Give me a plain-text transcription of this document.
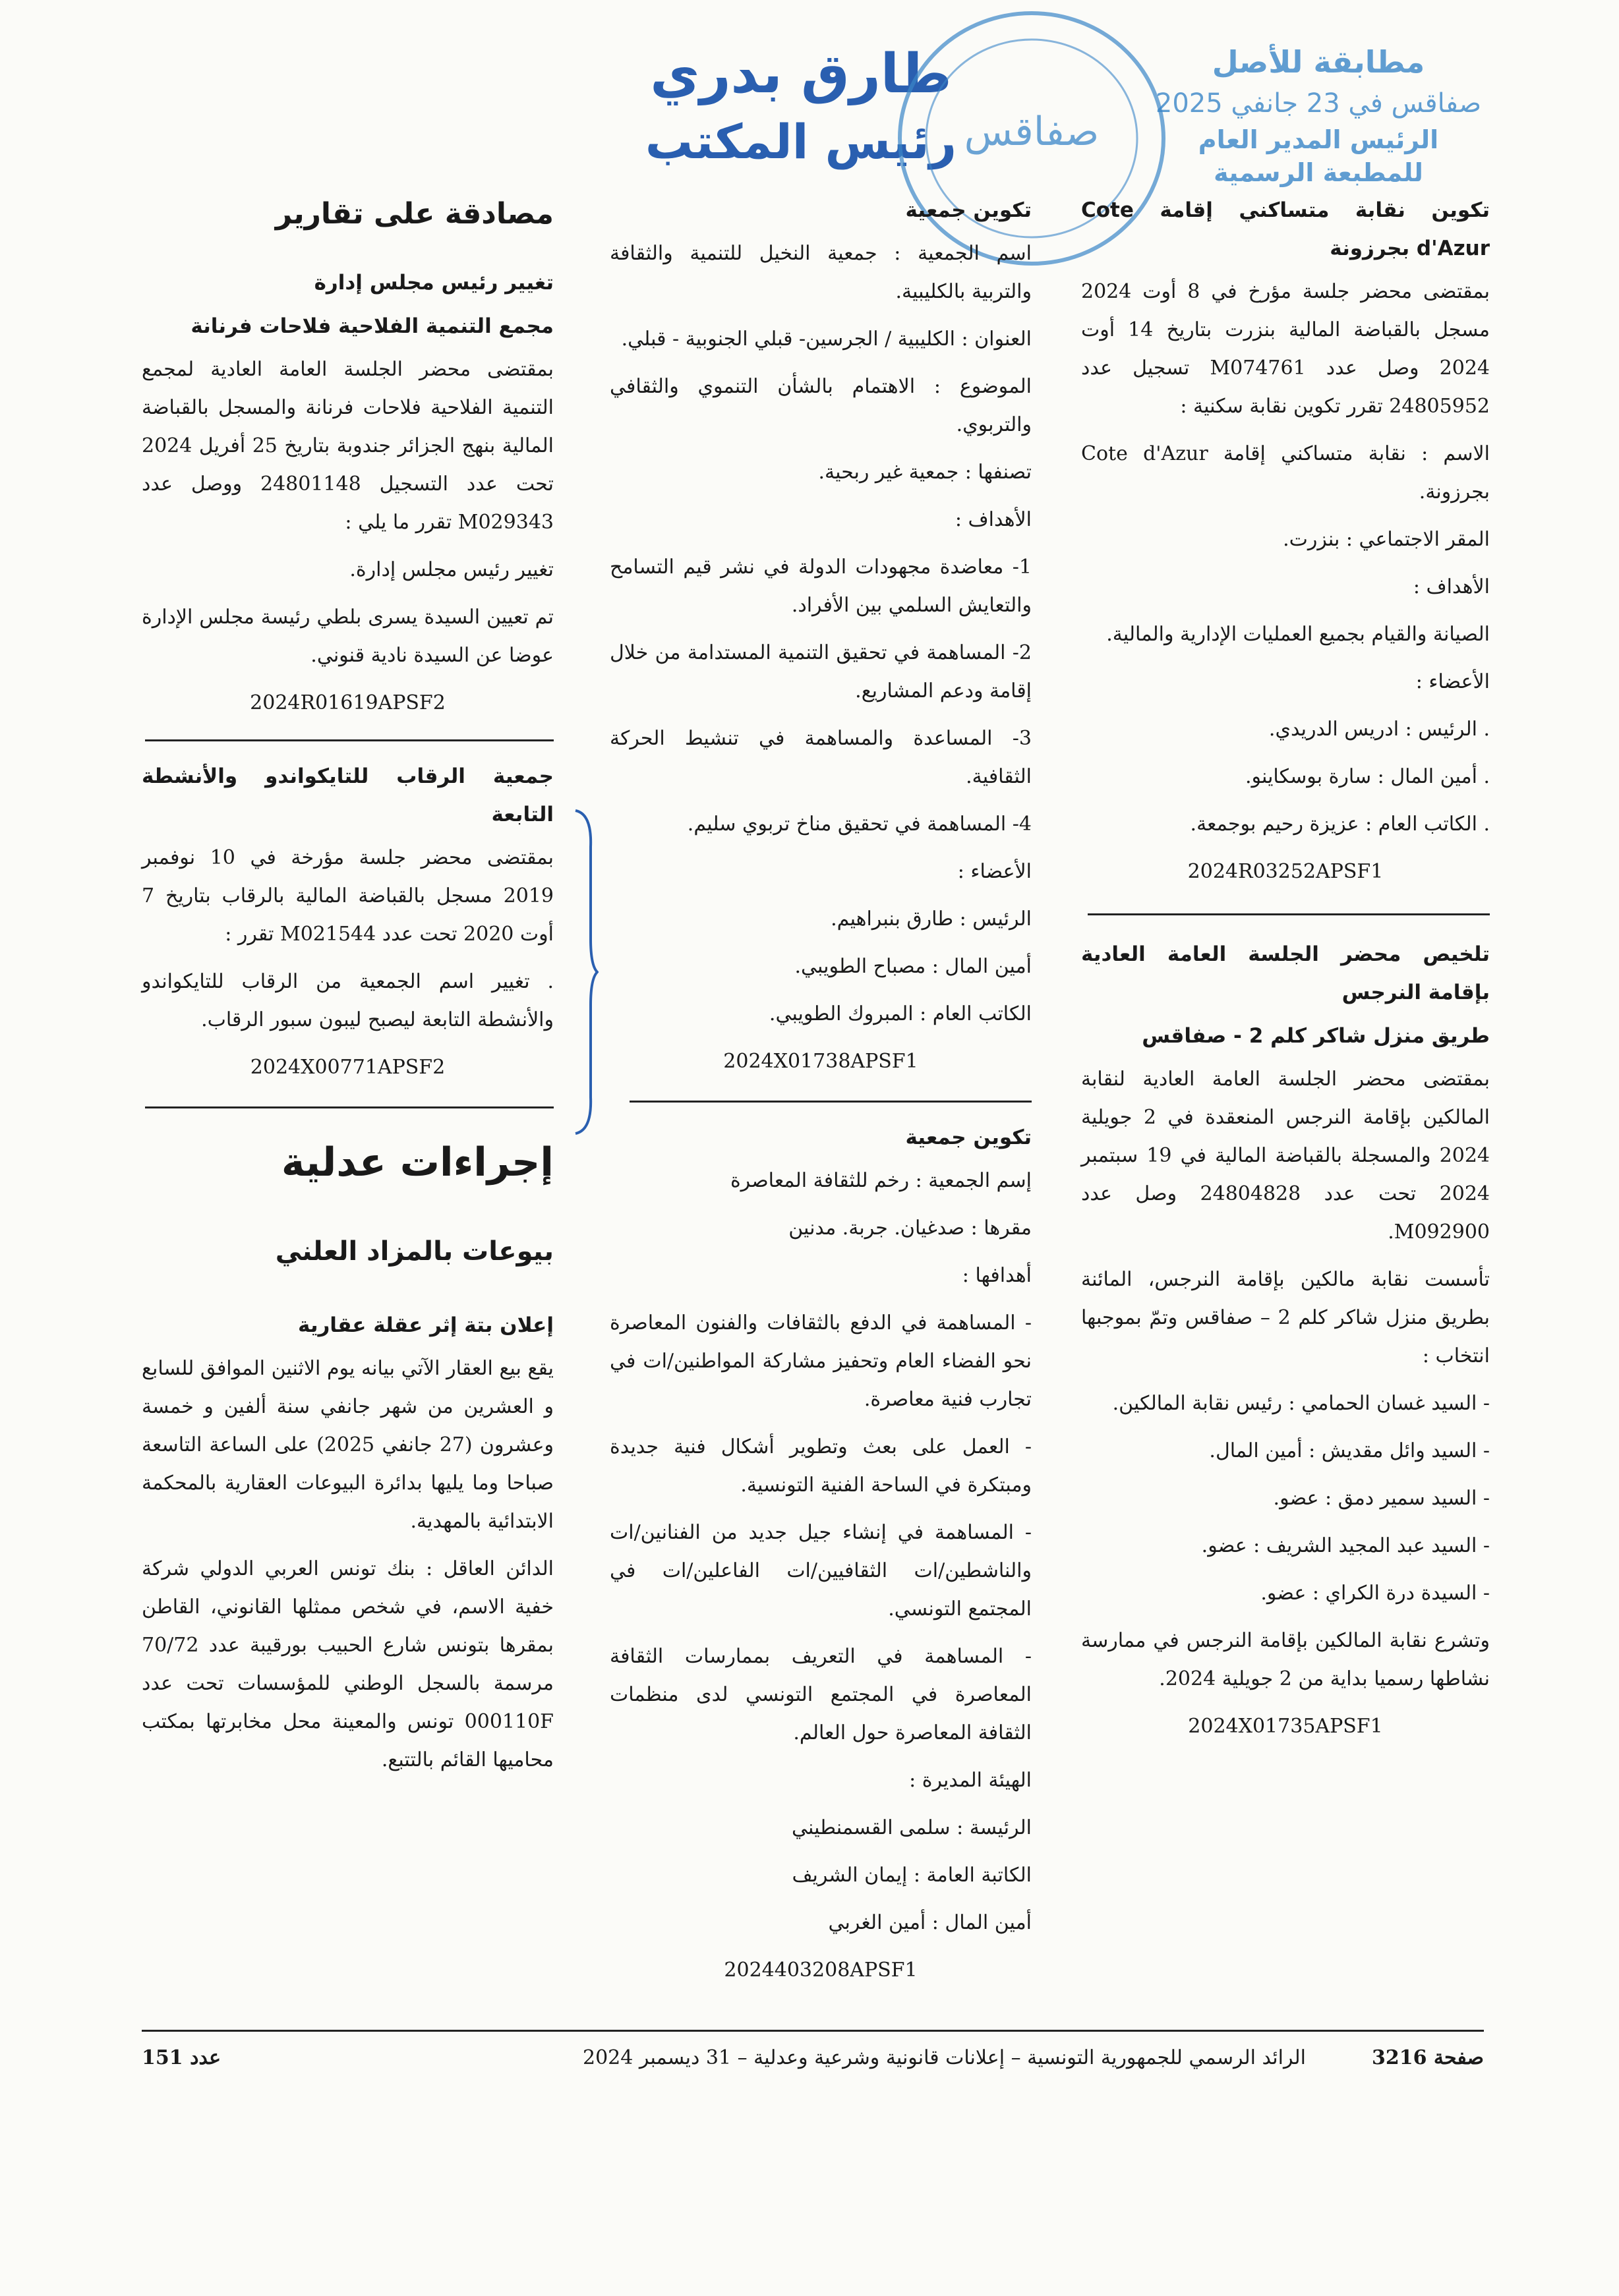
طارق بدري
رئيس المكتب صفاقس
مطابقة للأصل
صفاقس في 23 جانفي 2025
الرئيس المدير العام
للمطبعة الرسمية

تكوين نقابة متساكني إقامة Cote d'Azur بجرزونة

بمقتضى محضر جلسة مؤرخ في 8 أوت 2024 مسجل بالقباضة المالية بنزرت بتاريخ 14 أوت 2024 وصل عدد M074761 تسجيل عدد 24805952 تقرر تكوين نقابة سكنية :

الاسم : نقابة متساكني إقامة Cote d'Azur بجرزونة.

المقر الاجتماعي : بنزرت.

الأهداف :

الصيانة والقيام بجميع العمليات الإدارية والمالية.

الأعضاء :

. الرئيس : ادريس الدريدي.

. أمين المال : سارة بوسكاينو.

. الكاتب العام : عزيزة رحيم بوجمعة.

2024R03252APSF1

تلخيص محضر الجلسة العامة العادية بإقامة النرجس

طريق منزل شاكر كلم 2 - صفاقس

بمقتضى محضر الجلسة العامة العادية لنقابة المالكين بإقامة النرجس المنعقدة في 2 جويلية 2024 والمسجلة بالقباضة المالية في 19 سبتمبر 2024 تحت عدد 24804828 وصل عدد M092900.

تأسست نقابة مالكين بإقامة النرجس، المائنة بطريق منزل شاكر كلم 2 – صفاقس وتمّ بموجبها انتخاب :

- السيد غسان الحمامي : رئيس نقابة المالكين.

- السيد وائل مقديش : أمين المال.

- السيد سمير دمق : عضو.

- السيد عبد المجيد الشريف : عضو.

- السيدة درة الكراي : عضو.

وتشرع نقابة المالكين بإقامة النرجس في ممارسة نشاطها رسميا بداية من 2 جويلية 2024.

2024X01735APSF1

تكوين جمعية

اسم الجمعية : جمعية النخيل للتنمية والثقافة والتربية بالكليبية.

العنوان : الكليبية / الجرسين- قبلي الجنوبية - قبلي.

الموضوع : الاهتمام بالشأن التنموي والثقافي والتربوي.

تصنفها : جمعية غير ربحية.

الأهداف :

1- معاضدة مجهودات الدولة في نشر قيم التسامح والتعايش السلمي بين الأفراد.

2- المساهمة في تحقيق التنمية المستدامة من خلال إقامة ودعم المشاريع.

3- المساعدة والمساهمة في تنشيط الحركة الثقافية.

4- المساهمة في تحقيق مناخ تربوي سليم.

الأعضاء :

الرئيس : طارق بنبراهيم.

أمين المال : مصباح الطويبي.

الكاتب العام : المبروك الطويبي.

2024X01738APSF1

تكوين جمعية

إسم الجمعية : رخم للثقافة المعاصرة

مقرها : صدغيان. جربة. مدنين

أهدافها :

- المساهمة في الدفع بالثقافات والفنون المعاصرة نحو الفضاء العام وتحفيز مشاركة المواطنين/ات في تجارب فنية معاصرة.

- العمل على بعث وتطوير أشكال فنية جديدة ومبتكرة في الساحة الفنية التونسية.

- المساهمة في إنشاء جيل جديد من الفنانين/ات والناشطين/ات الثقافيين/ات الفاعلين/ات في المجتمع التونسي.

- المساهمة في التعريف بممارسات الثقافة المعاصرة في المجتمع التونسي لدى منظمات الثقافة المعاصرة حول العالم.

الهيئة المديرة :

الرئيسة : سلمى القسمنطيني

الكاتبة العامة : إيمان الشريف

أمين المال : أمين الغربي

2024403208APSF1

مصادقة على تقارير

تغيير رئيس مجلس إدارة

مجمع التنمية الفلاحية فلاحات فرنانة

بمقتضى محضر الجلسة العامة العادية لمجمع التنمية الفلاحية فلاحات فرنانة والمسجل بالقباضة المالية بنهج الجزائر جندوبة بتاريخ 25 أفريل 2024 تحت عدد التسجيل 24801148 ووصل عدد M029343 تقرر ما يلي :

تغيير رئيس مجلس إدارة.

تم تعيين السيدة يسرى بلطي رئيسة مجلس الإدارة عوضا عن السيدة نادية قنوني.

2024R01619APSF2

جمعية الرقاب للتايكواندو والأنشطة التابعة

بمقتضى محضر جلسة مؤرخة في 10 نوفمبر 2019 مسجل بالقباضة المالية بالرقاب بتاريخ 7 أوت 2020 تحت عدد M021544 تقرر :

. تغيير اسم الجمعية من الرقاب للتايكواندو والأنشطة التابعة ليصبح ليبون سبور الرقاب.

2024X00771APSF2

إجراءات عدلية

بيوعات بالمزاد العلني

إعلان بتة إثر عقلة عقارية

يقع بيع العقار الآتي بيانه يوم الاثنين الموافق للسابع و العشرين من شهر جانفي سنة ألفين و خمسة وعشرون (27 جانفي 2025) على الساعة التاسعة صباحا وما يليها بدائرة البيوعات العقارية بالمحكمة الابتدائية بالمهدية.

الدائن العاقل : بنك تونس العربي الدولي شركة خفية الاسم، في شخص ممثلها القانوني، القاطن بمقرها بتونس شارع الحبيب بورقيبة عدد 70/72 مرسمة بالسجل الوطني للمؤسسات تحت عدد 000110F تونس والمعينة محل مخابرتها بمكتب محاميها القائم بالتتبع.

صفحة 3216
الرائد الرسمي للجمهورية التونسية – إعلانات قانونية وشرعية وعدلية – 31 ديسمبر 2024
عدد 151
